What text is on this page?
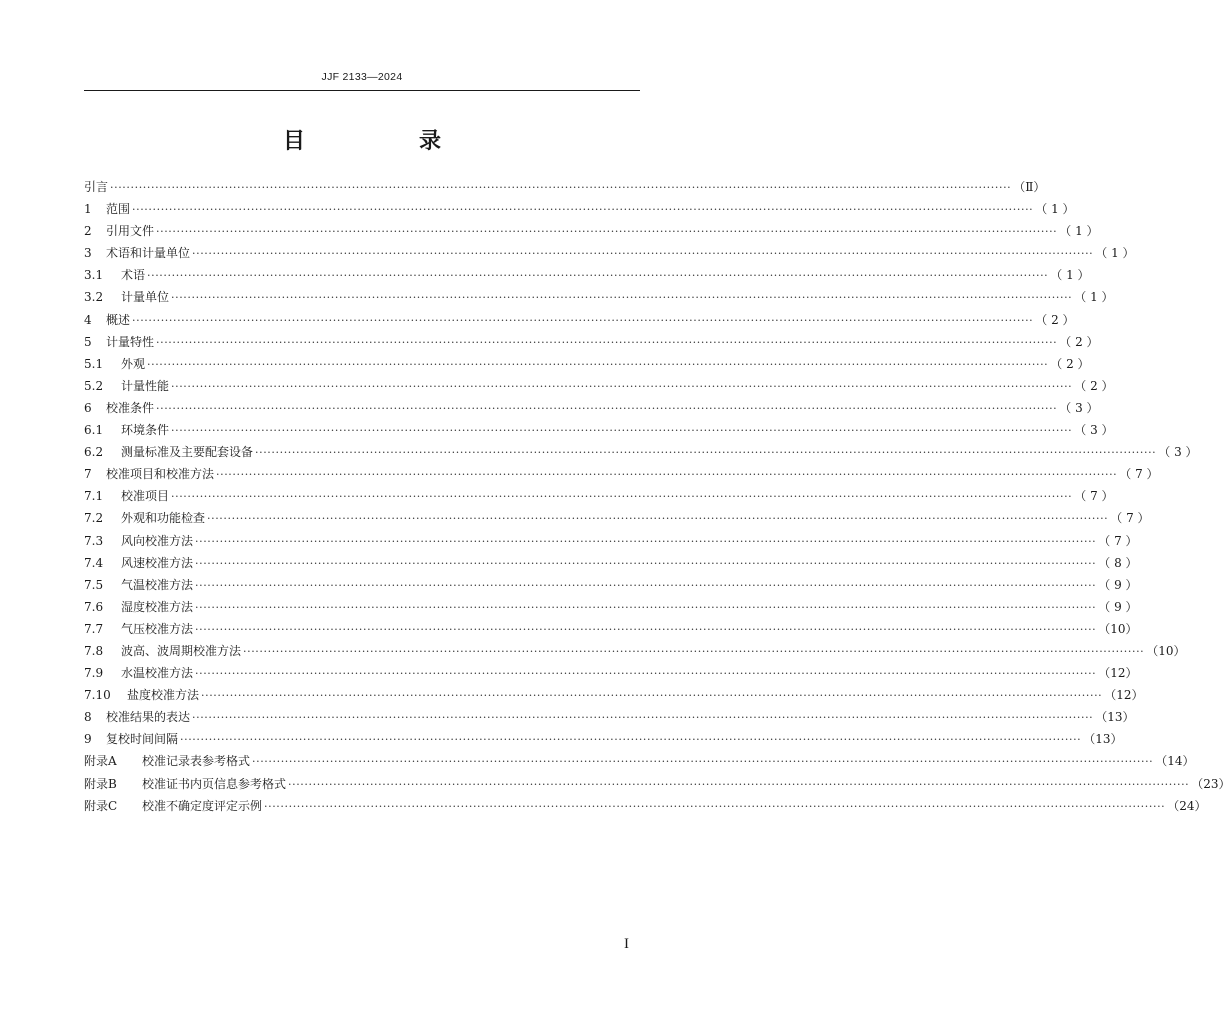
JJF 2133—2024
目　录
引言 ···························································································································································································································· （Ⅱ）
1	范围 ···························································································································································································································· （ 1 ）
2	引用文件 ···························································································································································································································· （ 1 ）
3	术语和计量单位 ···························································································································································································································· （ 1 ）
3.1	术语 ···························································································································································································································· （ 1 ）
3.2	计量单位 ···························································································································································································································· （ 1 ）
4	概述 ···························································································································································································································· （ 2 ）
5	计量特性 ···························································································································································································································· （ 2 ）
5.1	外观 ···························································································································································································································· （ 2 ）
5.2	计量性能 ···························································································································································································································· （ 2 ）
6	校准条件 ···························································································································································································································· （ 3 ）
6.1	环境条件 ···························································································································································································································· （ 3 ）
6.2	测量标准及主要配套设备 ···························································································································································································································· （ 3 ）
7	校准项目和校准方法 ···························································································································································································································· （ 7 ）
7.1	校准项目 ···························································································································································································································· （ 7 ）
7.2	外观和功能检查 ···························································································································································································································· （ 7 ）
7.3	风向校准方法 ···························································································································································································································· （ 7 ）
7.4	风速校准方法 ···························································································································································································································· （ 8 ）
7.5	气温校准方法 ···························································································································································································································· （ 9 ）
7.6	湿度校准方法 ···························································································································································································································· （ 9 ）
7.7	气压校准方法 ···························································································································································································································· （10）
7.8	波高、波周期校准方法 ···························································································································································································································· （10）
7.9	水温校准方法 ···························································································································································································································· （12）
7.10	盐度校准方法 ···························································································································································································································· （12）
8	校准结果的表达 ···························································································································································································································· （13）
9	复校时间间隔 ···························································································································································································································· （13）
附录A	校准记录表参考格式 ···························································································································································································································· （14）
附录B	校准证书内页信息参考格式 ···························································································································································································································· （23）
附录C	校准不确定度评定示例 ···························································································································································································································· （24）
I
